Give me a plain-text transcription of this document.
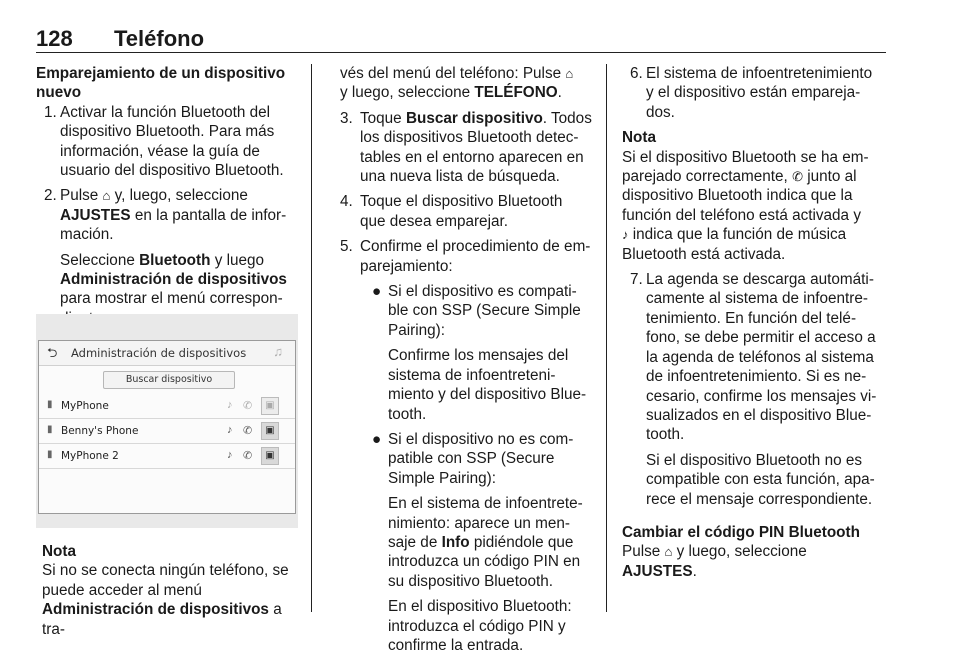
128 Teléfono

Emparejamiento de un dispositivo
nuevo

1. Activar la función Bluetooth del
dispositivo Bluetooth. Para más
información, véase la guía de
usuario del dispositivo Bluetooth.
2. Pulse ⌂ y, luego, seleccione
AJUSTES en la pantalla de infor-
mación.

Seleccione Bluetooth y luego
Administración de dispositivos
para mostrar el menú correspon-

⮌ Administración de dispositivos ♫
Buscar dispositivo
▮ MyPhone	♪ ✆	▣
▮ Benny's Phone	♪ ✆	▣
▮ MyPhone 2	♪ ✆	▣

Nota

Si no se conecta ningún teléfono, se
puede acceder al menú
Administración de dispositivos a tra-

vés del menú del teléfono: Pulse ⌂
y luego, seleccione TELÉFONO.

3. Toque Buscar dispositivo. Todos
los dispositivos Bluetooth detec-
tables en el entorno aparecen en
una nueva lista de búsqueda.
4. Toque el dispositivo Bluetooth
que desea emparejar.
5. Confirme el procedimiento de em-
parejamiento:
● Si el dispositivo es compati-
ble con SSP (Secure Simple
Pairing):

Confirme los mensajes del
sistema de infoentreteni-
miento y del dispositivo Blue-
tooth.

● Si el dispositivo no es com-
patible con SSP (Secure
Simple Pairing):

En el sistema de infoentrete-
nimiento: aparece un men-
saje de Info pidiéndole que
introduzca un código PIN en
su dispositivo Bluetooth.

En el dispositivo Bluetooth:
introduzca el código PIN y
confirme la entrada.

6. El sistema de infoentretenimiento
y el dispositivo están empareja-
dos.

Nota

Si el dispositivo Bluetooth se ha em-
parejado correctamente, ✆ junto al
dispositivo Bluetooth indica que la
función del teléfono está activada y
♪ indica que la función de música
Bluetooth está activada.

7. La agenda se descarga automáti-
camente al sistema de infoentre-
tenimiento. En función del telé-
fono, se debe permitir el acceso a
la agenda de teléfonos al sistema
de infoentretenimiento. Si es ne-
cesario, confirme los mensajes vi-
sualizados en el dispositivo Blue-
tooth.

Si el dispositivo Bluetooth no es
compatible con esta función, apa-
rece el mensaje correspondiente.

Cambiar el código PIN Bluetooth

Pulse ⌂ y luego, seleccione
AJUSTES.
